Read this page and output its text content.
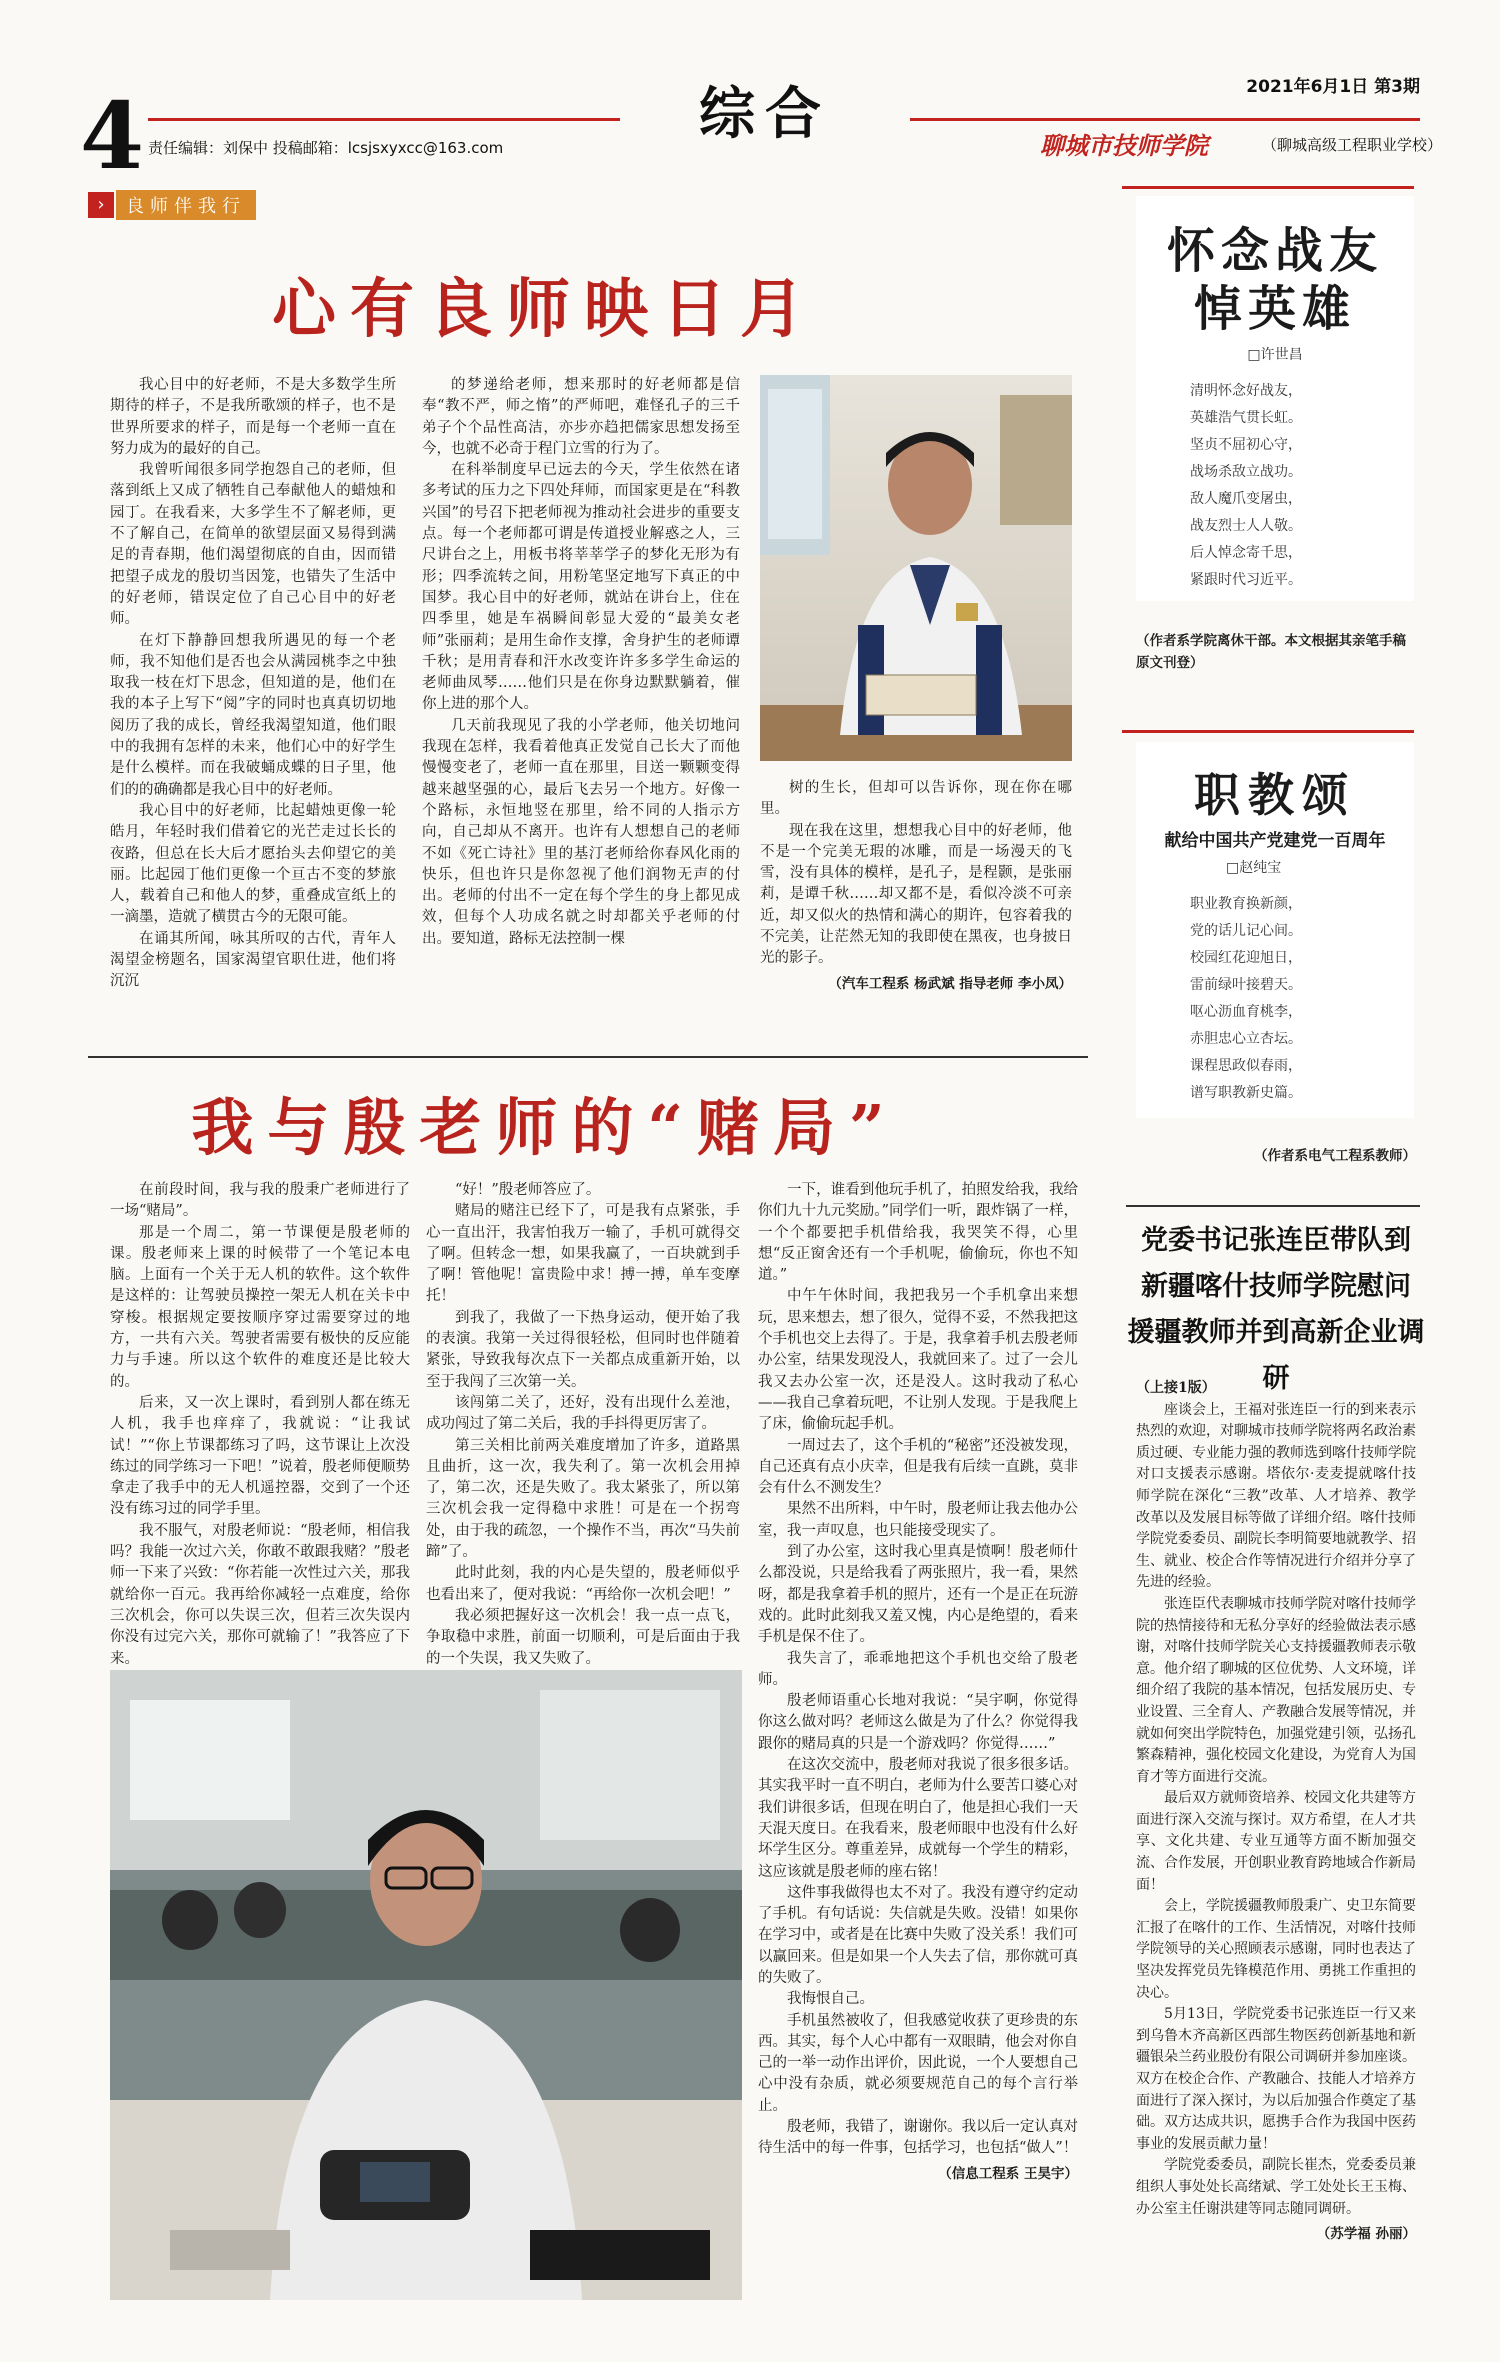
2021年6月1日 第3期
4	综合
责任编辑：刘保中 投稿邮箱：lcsjsxyxcc@163.com	聊城市技师学院	（聊城高级工程职业学校）
›	良师伴我行
心有良师映日月

我心目中的好老师，不是大多数学生所期待的样子，不是我所歌颂的样子，也不是世界所要求的样子，而是每一个老师一直在努力成为的最好的自己。

我曾听闻很多同学抱怨自己的老师，但落到纸上又成了牺牲自己奉献他人的蜡烛和园丁。在我看来，大多学生不了解老师，更不了解自己，在简单的欲望层面又易得到满足的青春期，他们渴望彻底的自由，因而错把望子成龙的殷切当因笼，也错失了生活中的好老师，错误定位了自己心目中的好老师。

在灯下静静回想我所遇见的每一个老师，我不知他们是否也会从满园桃李之中独取我一枝在灯下思念，但知道的是，他们在我的本子上写下“阅”字的同时也真真切切地阅历了我的成长，曾经我渴望知道，他们眼中的我拥有怎样的未来，他们心中的好学生是什么模样。而在我破蛹成蝶的日子里，他们的的确确都是我心目中的好老师。

我心目中的好老师，比起蜡烛更像一轮皓月，年轻时我们借着它的光芒走过长长的夜路，但总在长大后才愿抬头去仰望它的美丽。比起园丁他们更像一个亘古不变的梦旅人，载着自己和他人的梦，重叠成宣纸上的一滴墨，造就了横贯古今的无限可能。

在诵其所闻，咏其所叹的古代，青年人渴望金榜题名，国家渴望官职仕进，他们将沉沉

的梦递给老师，想来那时的好老师都是信奉“教不严，师之惰”的严师吧，难怪孔子的三千弟子个个品性高洁，亦步亦趋把儒家思想发扬至今，也就不必奇于程门立雪的行为了。

在科举制度早已远去的今天，学生依然在诸多考试的压力之下四处拜师，而国家更是在“科教兴国”的号召下把老师视为推动社会进步的重要支点。每一个老师都可谓是传道授业解惑之人，三尺讲台之上，用板书将莘莘学子的梦化无形为有形；四季流转之间，用粉笔坚定地写下真正的中国梦。我心目中的好老师，就站在讲台上，住在四季里，她是车祸瞬间彰显大爱的“最美女老师”张丽莉；是用生命作支撑，舍身护生的老师谭千秋；是用青春和汗水改变许许多多学生命运的老师曲凤琴……他们只是在你身边默默躺着，催你上进的那个人。

几天前我现见了我的小学老师，他关切地问我现在怎样，我看着他真正发觉自己长大了而他慢慢变老了，老师一直在那里，目送一颗颗变得越来越坚强的心，最后飞去另一个地方。好像一个路标，永恒地竖在那里，给不同的人指示方向，自己却从不离开。也许有人想想自己的老师不如《死亡诗社》里的基汀老师给你春风化雨的快乐，但也许只是你忽视了他们润物无声的付出。老师的付出不一定在每个学生的身上都见成效，但每个人功成名就之时却都关乎老师的付出。要知道，路标无法控制一棵

树的生长，但却可以告诉你，现在你在哪里。

现在我在这里，想想我心目中的好老师，他不是一个完美无瑕的冰雕，而是一场漫天的飞雪，没有具体的模样，是孔子，是程颢，是张丽莉，是谭千秋……却又都不是，看似冷淡不可亲近，却又似火的热情和满心的期许，包容着我的不完美，让茫然无知的我即使在黑夜，也身披日光的影子。

（汽车工程系 杨武斌 指导老师 李小凤）
我与殷老师的“赌局”

在前段时间，我与我的殷秉广老师进行了一场“赌局”。

那是一个周二，第一节课便是殷老师的课。殷老师来上课的时候带了一个笔记本电脑。上面有一个关于无人机的软件。这个软件是这样的：让驾驶员操控一架无人机在关卡中穿梭。根据规定要按顺序穿过需要穿过的地方，一共有六关。驾驶者需要有极快的反应能力与手速。所以这个软件的难度还是比较大的。

后来，又一次上课时，看到别人都在练无人机，我手也痒痒了，我就说：“让我试试！”“你上节课都练习了吗，这节课让上次没练过的同学练习一下吧！”说着，殷老师便顺势拿走了我手中的无人机遥控器，交到了一个还没有练习过的同学手里。

我不服气，对殷老师说：“殷老师，相信我吗？我能一次过六关，你敢不敢跟我赌？”殷老师一下来了兴致：“你若能一次性过六关，那我就给你一百元。我再给你减轻一点难度，给你三次机会，你可以失误三次，但若三次失误内你没有过完六关，那你可就输了！”我答应了下来。

“好！”殷老师答应了。

赌局的赌注已经下了，可是我有点紧张，手心一直出汗，我害怕我万一输了，手机可就得交了啊。但转念一想，如果我赢了，一百块就到手了啊！管他呢！富贵险中求！搏一搏，单车变摩托！

到我了，我做了一下热身运动，便开始了我的表演。我第一关过得很轻松，但同时也伴随着紧张，导致我每次点下一关都点成重新开始，以至于我闯了三次第一关。

该闯第二关了，还好，没有出现什么差池，成功闯过了第二关后，我的手抖得更厉害了。

第三关相比前两关难度增加了许多，道路黑且曲折，这一次，我失利了。第一次机会用掉了，第二次，还是失败了。我太紧张了，所以第三次机会我一定得稳中求胜！可是在一个拐弯处，由于我的疏忽，一个操作不当，再次“马失前蹄”了。

此时此刻，我的内心是失望的，殷老师似乎也看出来了，便对我说：“再给你一次机会吧！”

我必须把握好这一次机会！我一点一点飞，争取稳中求胜，前面一切顺利，可是后面由于我的一个失误，我又失败了。

一下，谁看到他玩手机了，拍照发给我，我给你们九十九元奖励。”同学们一听，跟炸锅了一样，一个个都要把手机借给我，我哭笑不得，心里想“反正窗舍还有一个手机呢，偷偷玩，你也不知道。”

中午午休时间，我把我另一个手机拿出来想玩，思来想去，想了很久，觉得不妥，不然我把这个手机也交上去得了。于是，我拿着手机去殷老师办公室，结果发现没人，我就回来了。过了一会儿我又去办公室一次，还是没人。这时我动了私心——我自己拿着玩吧，不让别人发现。于是我爬上了床，偷偷玩起手机。

一周过去了，这个手机的“秘密”还没被发现，自己还真有点小庆幸，但是我有后续一直跳，莫非会有什么不测发生？

果然不出所料，中午时，殷老师让我去他办公室，我一声叹息，也只能接受现实了。

到了办公室，这时我心里真是愤啊！殷老师什么都没说，只是给我看了两张照片，我一看，果然呀，都是我拿着手机的照片，还有一个是正在玩游戏的。此时此刻我又羞又愧，内心是绝望的，看来手机是保不住了。

我失言了，乖乖地把这个手机也交给了殷老师。

殷老师语重心长地对我说：“吴宇啊，你觉得你这么做对吗？老师这么做是为了什么？你觉得我跟你的赌局真的只是一个游戏吗？你觉得……”

在这次交流中，殷老师对我说了很多很多话。其实我平时一直不明白，老师为什么要苦口婆心对我们讲很多话，但现在明白了，他是担心我们一天天混天度日。在我看来，殷老师眼中也没有什么好坏学生区分。尊重差异，成就每一个学生的精彩，这应该就是殷老师的座右铭！

这件事我做得也太不对了。我没有遵守约定动了手机。有句话说：失信就是失败。没错！如果你在学习中，或者是在比赛中失败了没关系！我们可以赢回来。但是如果一个人失去了信，那你就可真的失败了。

我悔恨自己。

手机虽然被收了，但我感觉收获了更珍贵的东西。其实，每个人心中都有一双眼睛，他会对你自己的一举一动作出评价，因此说，一个人要想自己心中没有杂质，就必须要规范自己的每个言行举止。

殷老师，我错了，谢谢你。我以后一定认真对待生活中的每一件事，包括学习，也包括“做人”！

（信息工程系 王昊宇）
怀念战友
悼英雄
□许世昌
清明怀念好战友，
英雄浩气贯长虹。
坚贞不屈初心守，
战场杀敌立战功。
敌人魔爪变屠虫，
战友烈士人人敬。
后人悼念寄千思，
紧跟时代习近平。
（作者系学院离休干部。本文根据其亲笔手稿原文刊登）
职教颂
献给中国共产党建党一百周年
□赵纯宝
职业教育换新颜，
党的话儿记心间。
校园红花迎旭日，
雷前绿叶接碧天。
呕心沥血育桃李，
赤胆忠心立杏坛。
课程思政似春雨，
谱写职教新史篇。
（作者系电气工程系教师）
党委书记张连臣带队到
新疆喀什技师学院慰问
援疆教师并到高新企业调研
（上接1版）

座谈会上，王福对张连臣一行的到来表示热烈的欢迎，对聊城市技师学院将两名政治素质过硬、专业能力强的教师选到喀什技师学院对口支援表示感谢。塔依尔·麦麦提就喀什技师学院在深化“三教”改革、人才培养、教学改革以及发展目标等做了详细介绍。喀什技师学院党委委员、副院长李明简要地就教学、招生、就业、校企合作等情况进行介绍并分享了先进的经验。

张连臣代表聊城市技师学院对喀什技师学院的热情接待和无私分享好的经验做法表示感谢，对喀什技师学院关心支持援疆教师表示敬意。他介绍了聊城的区位优势、人文环境，详细介绍了我院的基本情况，包括发展历史、专业设置、三全育人、产教融合发展等情况，并就如何突出学院特色，加强党建引领，弘扬孔繁森精神，强化校园文化建设，为党育人为国育才等方面进行交流。

最后双方就师资培养、校园文化共建等方面进行深入交流与探讨。双方希望，在人才共享、文化共建、专业互通等方面不断加强交流、合作发展，开创职业教育跨地域合作新局面！

会上，学院援疆教师殷秉广、史卫东简要汇报了在喀什的工作、生活情况，对喀什技师学院领导的关心照顾表示感谢，同时也表达了坚决发挥党员先锋模范作用、勇挑工作重担的决心。

5月13日，学院党委书记张连臣一行又来到乌鲁木齐高新区西部生物医药创新基地和新疆银朵兰药业股份有限公司调研并参加座谈。双方在校企合作、产教融合、技能人才培养方面进行了深入探讨，为以后加强合作奠定了基础。双方达成共识，愿携手合作为我国中医药事业的发展贡献力量！

学院党委委员，副院长崔杰，党委委员兼组织人事处处长高绪斌、学工处处长王玉梅、办公室主任谢洪建等同志随同调研。

（苏学福 孙丽）
